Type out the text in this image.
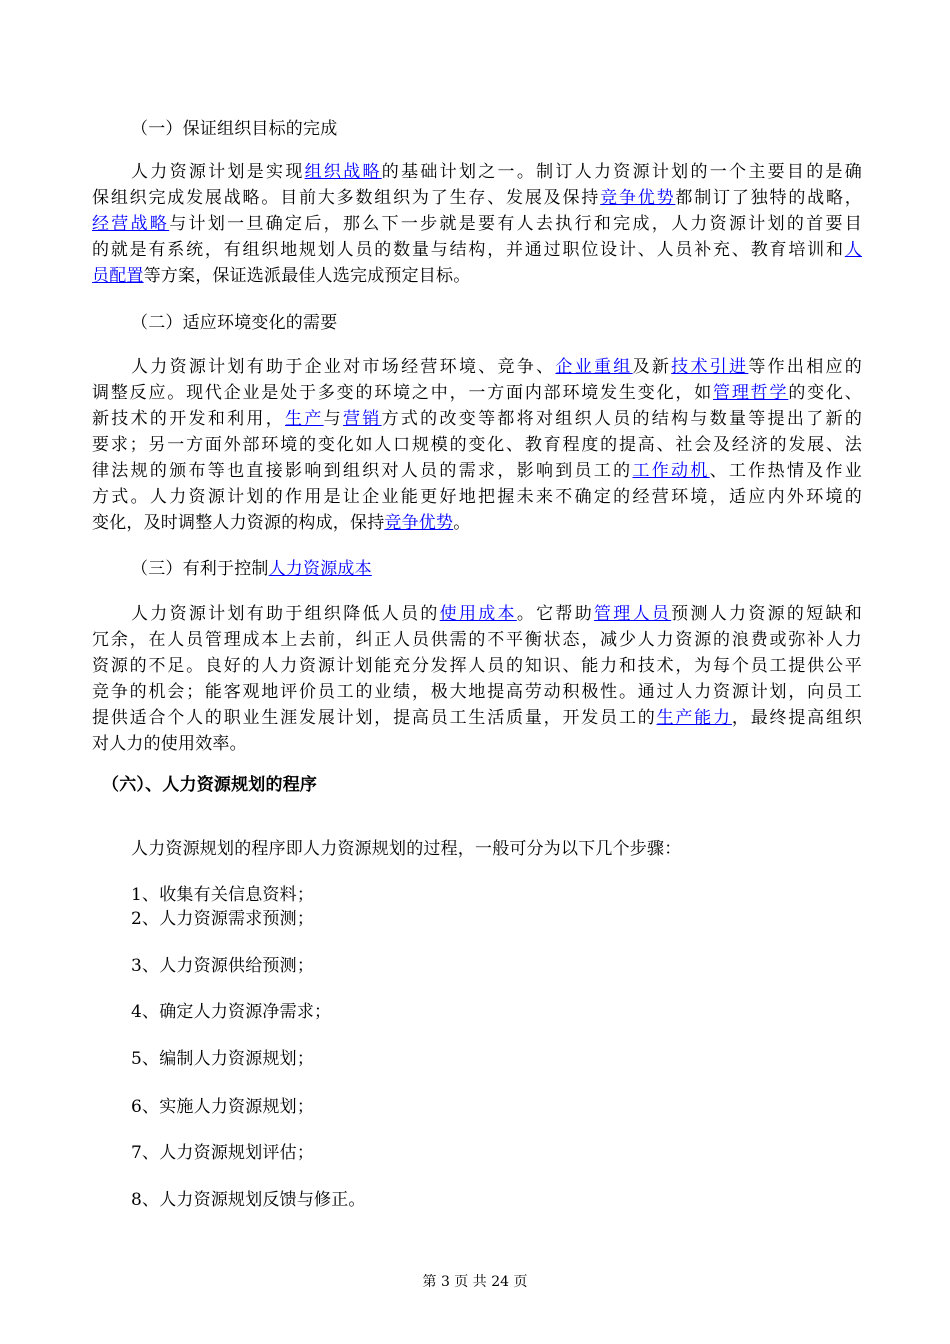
（一）保证组织目标的完成
人力资源计划是实现组织战略的基础计划之一。制订人力资源计划的一个主要目的是确
保组织完成发展战略。目前大多数组织为了生存、发展及保持竞争优势都制订了独特的战略，
经营战略与计划一旦确定后，那么下一步就是要有人去执行和完成，人力资源计划的首要目
的就是有系统，有组织地规划人员的数量与结构，并通过职位设计、人员补充、教育培训和人
员配置等方案，保证选派最佳人选完成预定目标。
（二）适应环境变化的需要
人力资源计划有助于企业对市场经营环境、竞争、企业重组及新技术引进等作出相应的
调整反应。现代企业是处于多变的环境之中，一方面内部环境发生变化，如管理哲学的变化、
新技术的开发和利用，生产与营销方式的改变等都将对组织人员的结构与数量等提出了新的
要求；另一方面外部环境的变化如人口规模的变化、教育程度的提高、社会及经济的发展、法
律法规的颁布等也直接影响到组织对人员的需求，影响到员工的工作动机、工作热情及作业
方式。人力资源计划的作用是让企业能更好地把握未来不确定的经营环境，适应内外环境的
变化，及时调整人力资源的构成，保持竞争优势。
（三）有利于控制人力资源成本
人力资源计划有助于组织降低人员的使用成本。它帮助管理人员预测人力资源的短缺和
冗余，在人员管理成本上去前，纠正人员供需的不平衡状态，减少人力资源的浪费或弥补人力
资源的不足。良好的人力资源计划能充分发挥人员的知识、能力和技术，为每个员工提供公平
竞争的机会；能客观地评价员工的业绩，极大地提高劳动积极性。通过人力资源计划，向员工
提供适合个人的职业生涯发展计划，提高员工生活质量，开发员工的生产能力，最终提高组织
对人力的使用效率。
（六）、人力资源规划的程序
人力资源规划的程序即人力资源规划的过程，一般可分为以下几个步骤：
1、收集有关信息资料；
2、人力资源需求预测；
3、人力资源供给预测；
4、确定人力资源净需求；
5、编制人力资源规划；
6、实施人力资源规划；
7、人力资源规划评估；
8、人力资源规划反馈与修正。
第 3 页 共 24 页
